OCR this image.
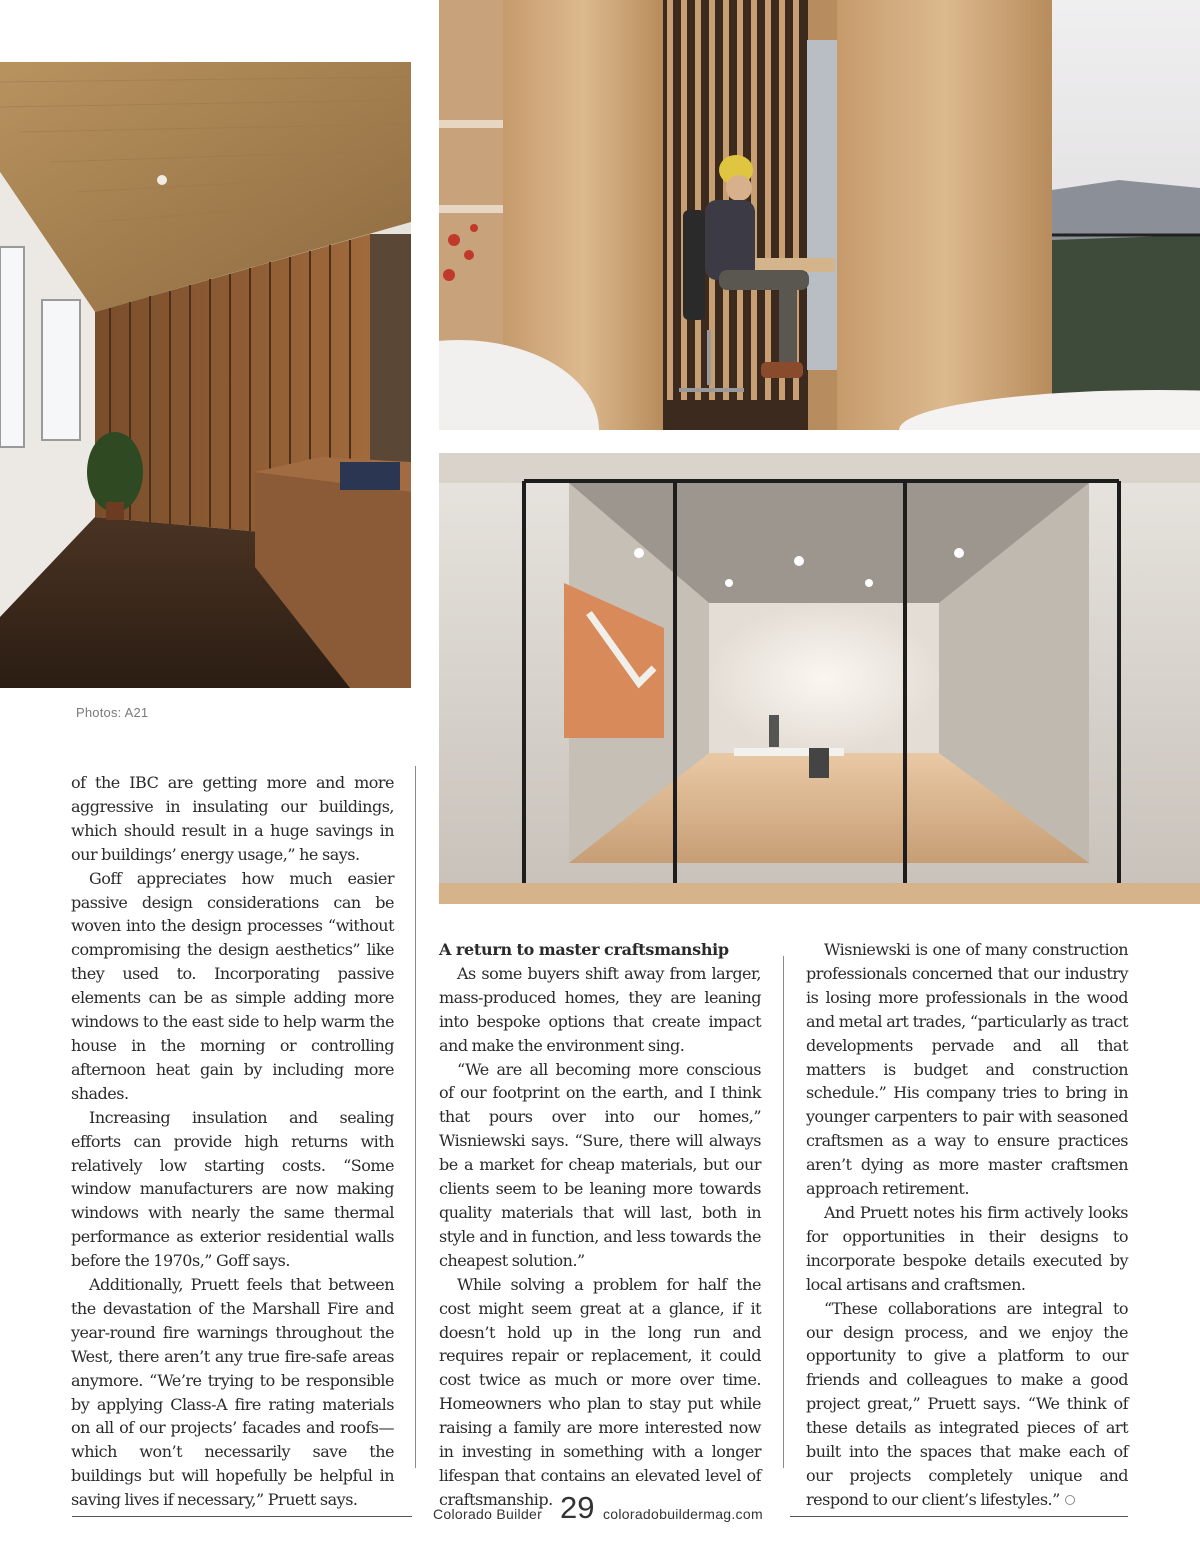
Photos: A21

of the IBC are getting more and more aggressive in insulating our buildings, which should result in a huge savings in our buildings’ energy usage,” he says.

Goff appreciates how much easier passive design considerations can be woven into the design processes “without compromising the design aesthetics” like they used to. Incorporating passive elements can be as simple adding more windows to the east side to help warm the house in the morning or controlling afternoon heat gain by including more shades.

Increasing insulation and sealing efforts can provide high returns with relatively low starting costs. “Some window manufacturers are now making windows with nearly the same thermal performance as exterior residential walls before the 1970s,” Goff says.

Additionally, Pruett feels that between the devastation of the Marshall Fire and year-round fire warnings throughout the West, there aren’t any true fire-safe areas anymore. “We’re trying to be responsible by applying Class-A fire rating materials on all of our projects’ facades and roofs—which won’t necessarily save the buildings but will hopefully be helpful in saving lives if necessary,” Pruett says.

A return to master craftsmanship

As some buyers shift away from larger, mass-produced homes, they are leaning into bespoke options that create impact and make the environment sing.

“We are all becoming more conscious of our footprint on the earth, and I think that pours over into our homes,” Wisniewski says. “Sure, there will always be a market for cheap materials, but our clients seem to be leaning more towards quality materials that will last, both in style and in function, and less towards the cheapest solution.”

While solving a problem for half the cost might seem great at a glance, if it doesn’t hold up in the long run and requires repair or replacement, it could cost twice as much or more over time. Homeowners who plan to stay put while raising a family are more interested now in investing in something with a longer lifespan that contains an elevated level of craftsmanship.

Wisniewski is one of many construction professionals concerned that our industry is losing more professionals in the wood and metal art trades, “particularly as tract developments pervade and all that matters is budget and construction schedule.” His company tries to bring in younger carpenters to pair with seasoned craftsmen as a way to ensure practices aren’t dying as more master craftsmen approach retirement.

And Pruett notes his firm actively looks for opportunities in their designs to incorporate bespoke details executed by local artisans and craftsmen.

“These collaborations are integral to our design process, and we enjoy the opportunity to give a platform to our friends and colleagues to make a good project great,” Pruett says. “We think of these details as integrated pieces of art built into the spaces that make each of our projects completely unique and respond to our client’s lifestyles.”

Colorado Builder 29 coloradobuildermag.com
